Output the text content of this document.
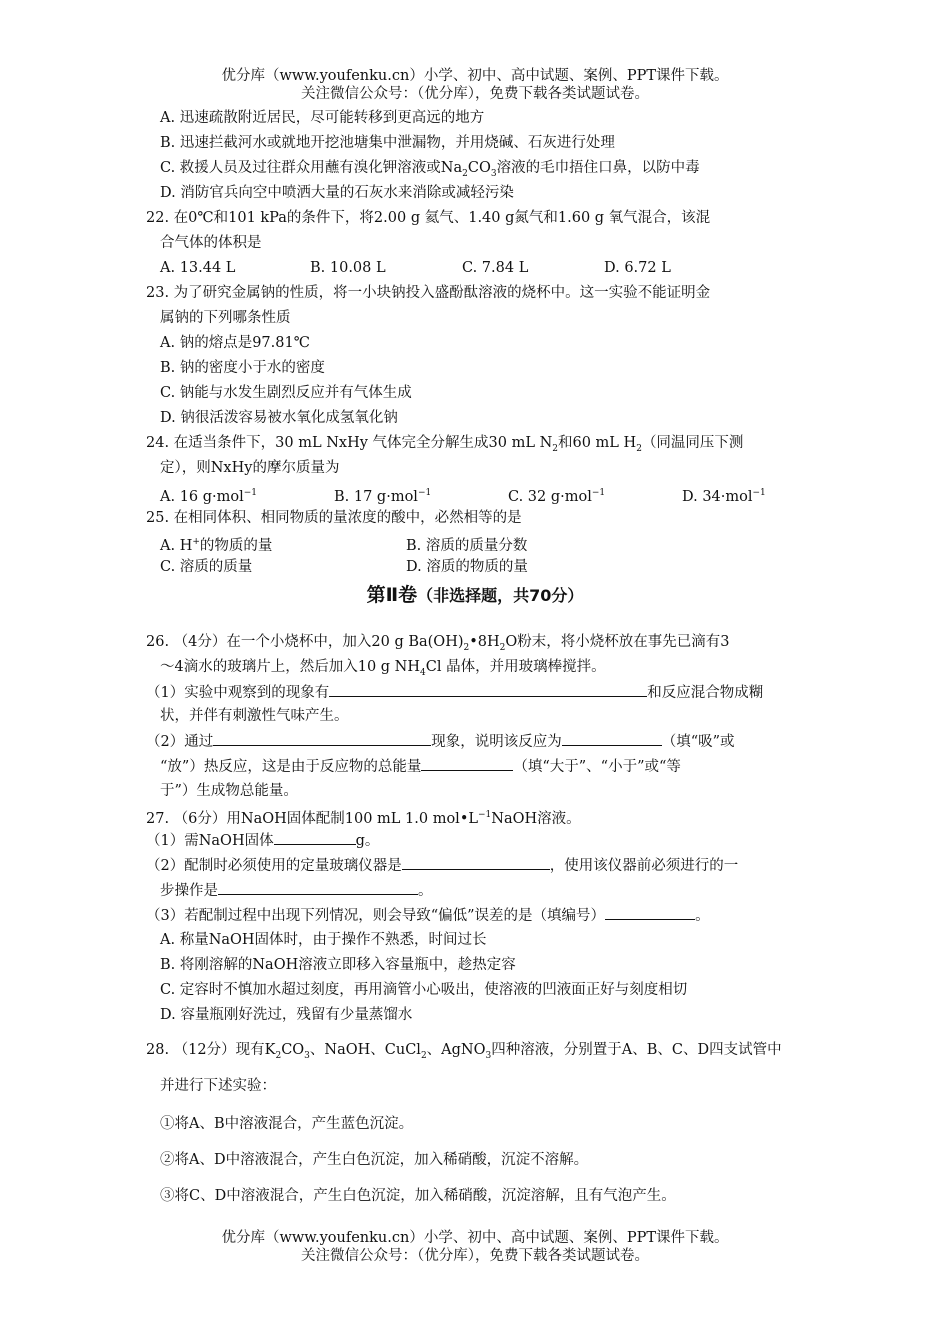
优分库（www.youfenku.cn）小学、初中、高中试题、案例、PPT课件下载。
关注微信公众号：（优分库），免费下载各类试题试卷。
A. 迅速疏散附近居民，尽可能转移到更高远的地方
B. 迅速拦截河水或就地开挖池塘集中泄漏物，并用烧碱、石灰进行处理
C. 救援人员及过往群众用蘸有溴化钾溶液或$Na_2CO_3$溶液的毛巾捂住口鼻，以防中毒
D. 消防官兵向空中喷洒大量的石灰水来消除或减轻污染
22. 在0℃和101 kPa的条件下，将2.00 g 氦气、1.40 g氮气和1.60 g 氧气混合，该混
合气体的体积是
A. 13.44 L	B. 10.08 L	C. 7.84 L	D. 6.72 L
23. 为了研究金属钠的性质，将一小块钠投入盛酚酞溶液的烧杯中。这一实验不能证明金
属钠的下列哪条性质
A. 钠的熔点是97.81℃
B. 钠的密度小于水的密度
C. 钠能与水发生剧烈反应并有气体生成
D. 钠很活泼容易被水氧化成氢氧化钠
24. 在适当条件下，30 mL NxHy 气体完全分解生成30 mL $N_2$和60 mL $H_2$（同温同压下测
定），则NxHy的摩尔质量为
A. 16 g·mol$^{-1}$	B. 17 g·mol$^{-1}$	C. 32 g·mol$^{-1}$	D. 34·mol$^{-1}$
25. 在相同体积、相同物质的量浓度的酸中，必然相等的是
A. H+的物质的量	B. 溶质的质量分数
C. 溶质的质量	D. 溶质的物质的量
第Ⅱ卷（非选择题，共70分）
26. （4分）在一个小烧杯中，加入20 g $Ba(OH)_2•8H_2O$粉末，将小烧杯放在事先已滴有3
～4滴水的玻璃片上，然后加入10 g $NH_4Cl$ 晶体，并用玻璃棒搅拌。
（1）实验中观察到的现象有	和反应混合物成糊
状，并伴有刺激性气味产生。
（2）通过	现象，说明该反应为	（填“吸”或
“放”）热反应，这是由于反应物的总能量	（填“大于”、“小于”或“等
于”）生成物总能量。
27. （6分）用NaOH固体配制100 mL 1.0 $mol•L^{-1}NaOH$溶液。
（1）需NaOH固体	g。
（2）配制时必须使用的定量玻璃仪器是	，使用该仪器前必须进行的一
步操作是	。
（3）若配制过程中出现下列情况，则会导致“偏低”误差的是（填编号）	。
A. 称量NaOH固体时，由于操作不熟悉，时间过长
B. 将刚溶解的NaOH溶液立即移入容量瓶中，趁热定容
C. 定容时不慎加水超过刻度，再用滴管小心吸出，使溶液的凹液面正好与刻度相切
D. 容量瓶刚好洗过，残留有少量蒸馏水
28. （12分）现有$K_2CO_3$、NaOH、CuCl$_2$、AgNO$_3$四种溶液，分别置于A、B、C、D四支试管中
并进行下述实验：
①将A、B中溶液混合，产生蓝色沉淀。
②将A、D中溶液混合，产生白色沉淀，加入稀硝酸，沉淀不溶解。
③将C、D中溶液混合，产生白色沉淀，加入稀硝酸，沉淀溶解，且有气泡产生。
优分库（www.youfenku.cn）小学、初中、高中试题、案例、PPT课件下载。
关注微信公众号：（优分库），免费下载各类试题试卷。
